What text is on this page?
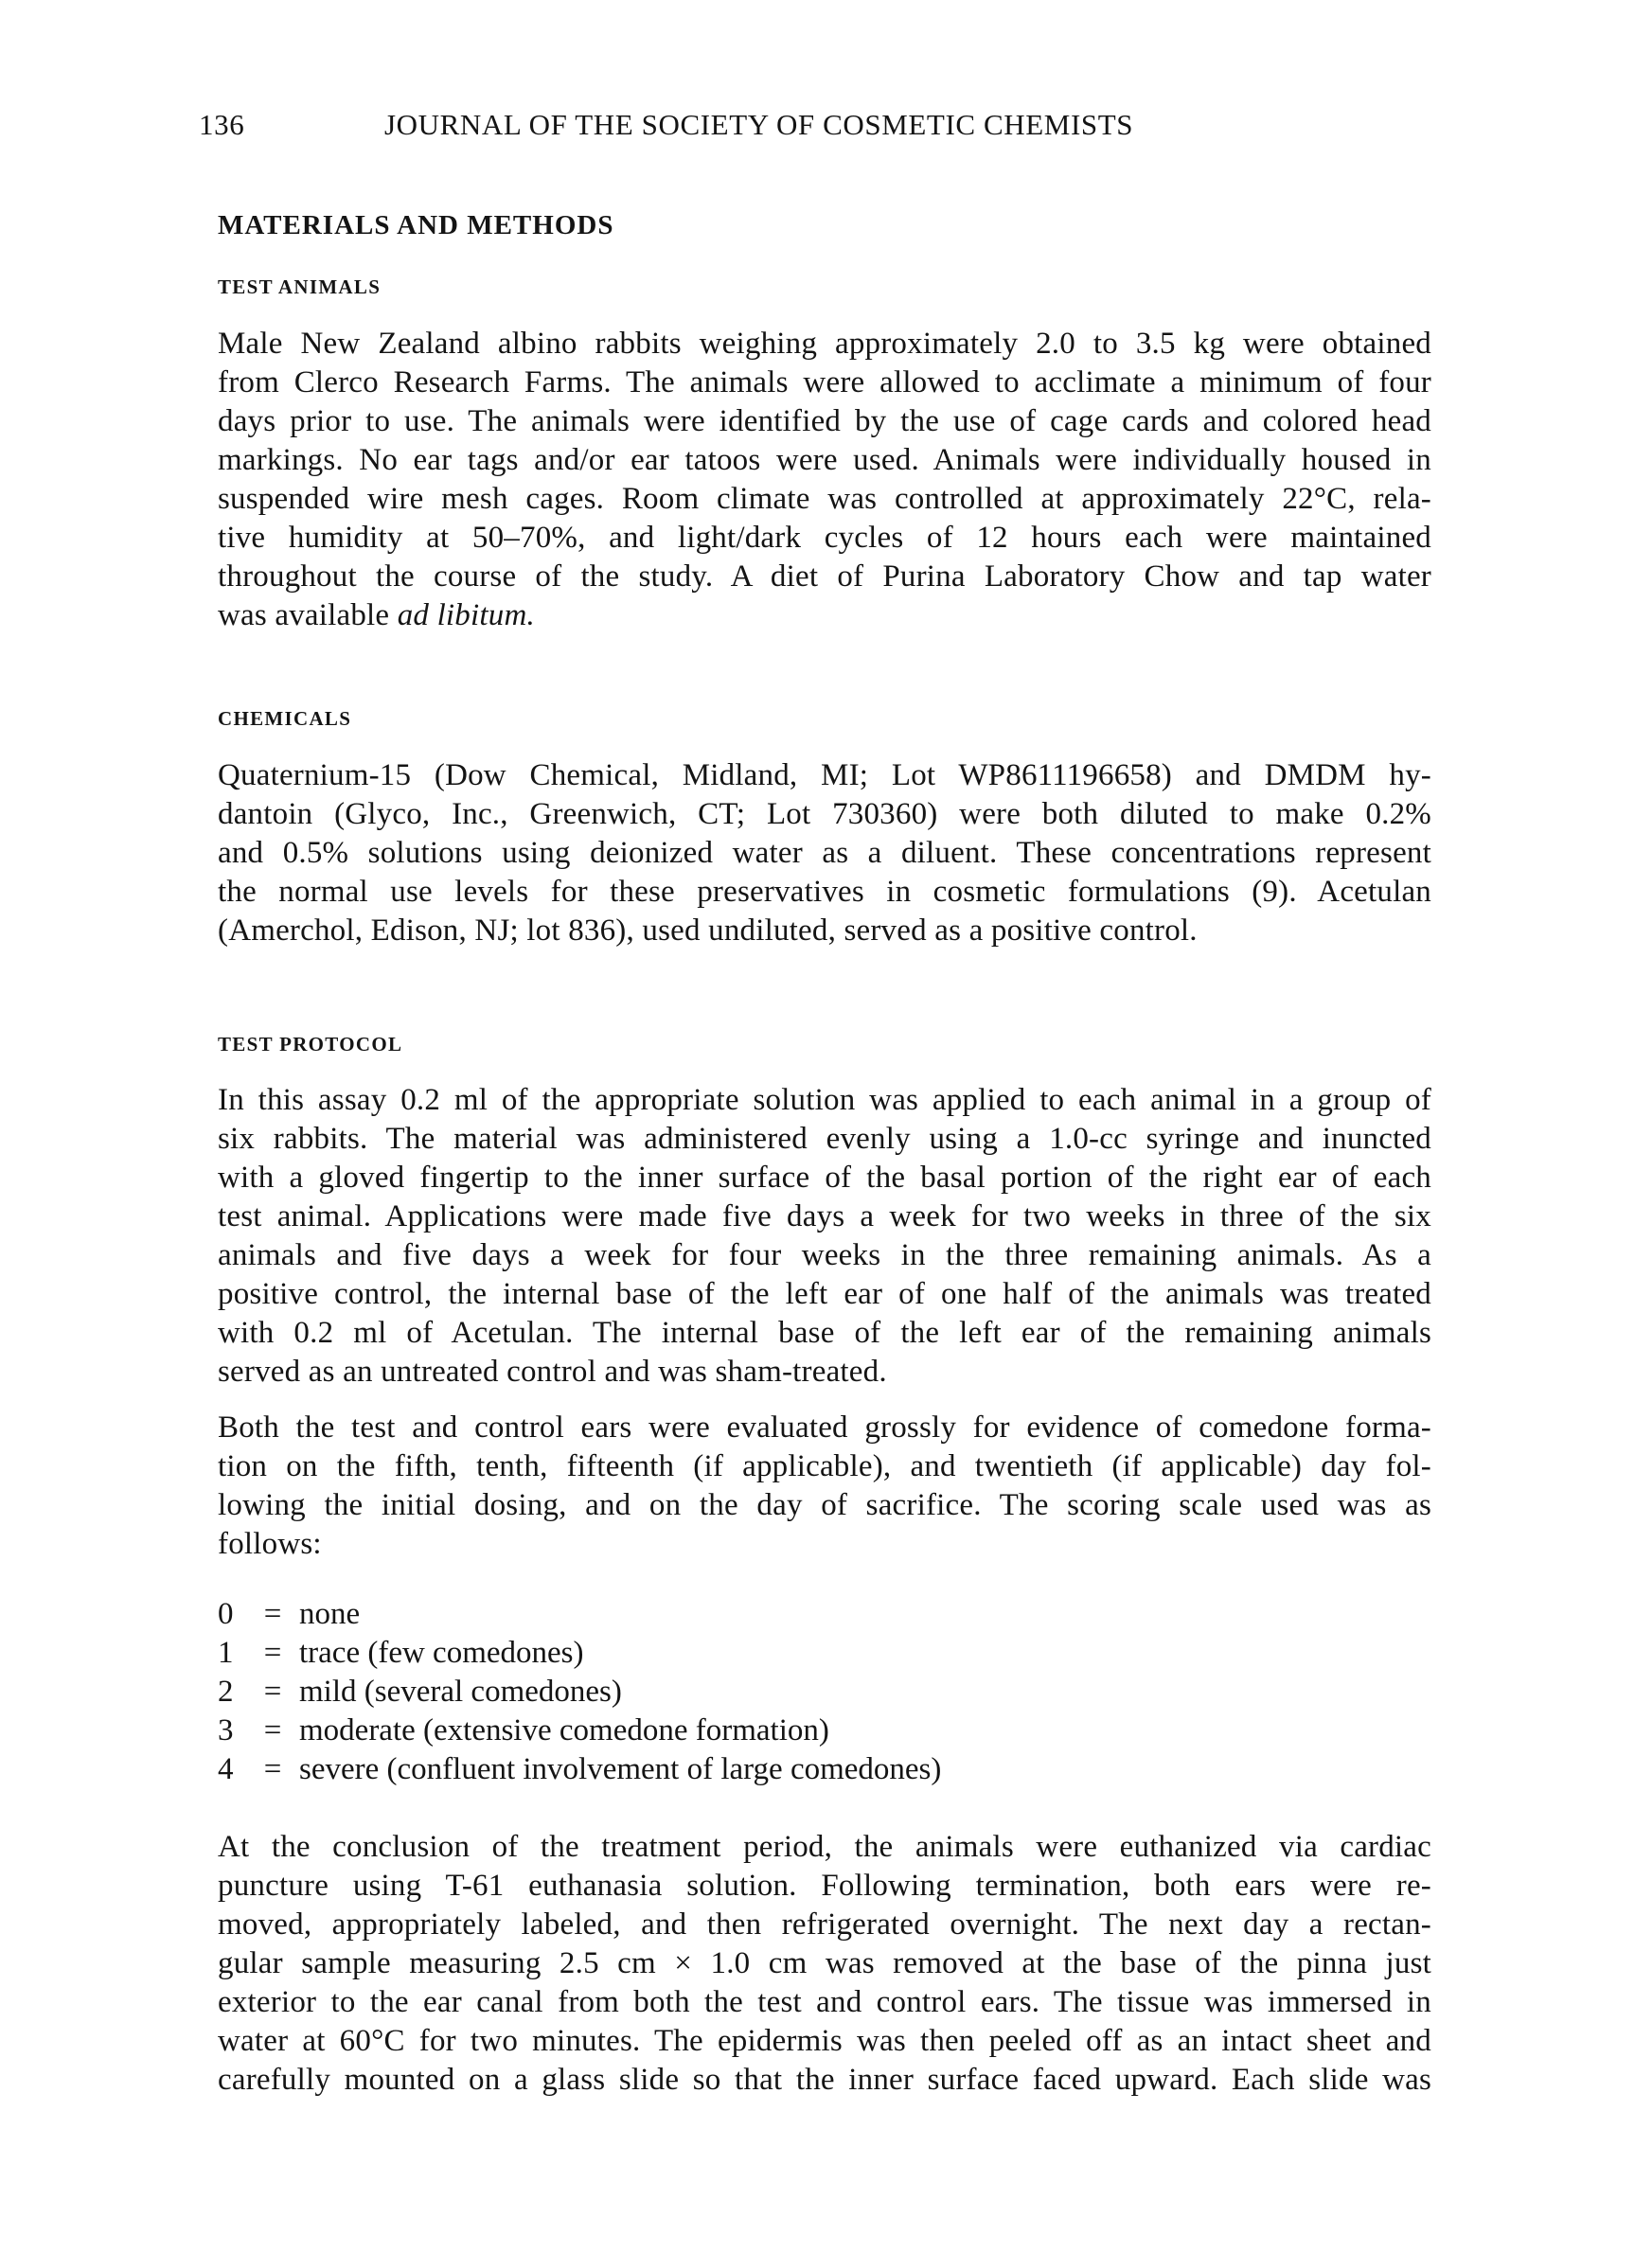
136	JOURNAL OF THE SOCIETY OF COSMETIC CHEMISTS
MATERIALS AND METHODS
TEST ANIMALS

Male New Zealand albino rabbits weighing approximately 2.0 to 3.5 kg were obtained
from Clerco Research Farms. The animals were allowed to acclimate a minimum of four
days prior to use. The animals were identified by the use of cage cards and colored head
markings. No ear tags and/or ear tatoos were used. Animals were individually housed in
suspended wire mesh cages. Room climate was controlled at approximately 22°C, rela-
tive humidity at 50–70%, and light/dark cycles of 12 hours each were maintained
throughout the course of the study. A diet of Purina Laboratory Chow and tap water
was available ad libitum.

CHEMICALS

Quaternium-15 (Dow Chemical, Midland, MI; Lot WP8611196658) and DMDM hy-
dantoin (Glyco, Inc., Greenwich, CT; Lot 730360) were both diluted to make 0.2%
and 0.5% solutions using deionized water as a diluent. These concentrations represent
the normal use levels for these preservatives in cosmetic formulations (9). Acetulan
(Amerchol, Edison, NJ; lot 836), used undiluted, served as a positive control.

TEST PROTOCOL

In this assay 0.2 ml of the appropriate solution was applied to each animal in a group of
six rabbits. The material was administered evenly using a 1.0-cc syringe and inuncted
with a gloved fingertip to the inner surface of the basal portion of the right ear of each
test animal. Applications were made five days a week for two weeks in three of the six
animals and five days a week for four weeks in the three remaining animals. As a
positive control, the internal base of the left ear of one half of the animals was treated
with 0.2 ml of Acetulan. The internal base of the left ear of the remaining animals
served as an untreated control and was sham-treated.

Both the test and control ears were evaluated grossly for evidence of comedone forma-
tion on the fifth, tenth, fifteenth (if applicable), and twentieth (if applicable) day fol-
lowing the initial dosing, and on the day of sacrifice. The scoring scale used was as
follows:

0 = none
1 = trace (few comedones)
2 = mild (several comedones)
3 = moderate (extensive comedone formation)
4 = severe (confluent involvement of large comedones)

At the conclusion of the treatment period, the animals were euthanized via cardiac
puncture using T-61 euthanasia solution. Following termination, both ears were re-
moved, appropriately labeled, and then refrigerated overnight. The next day a rectan-
gular sample measuring 2.5 cm × 1.0 cm was removed at the base of the pinna just
exterior to the ear canal from both the test and control ears. The tissue was immersed in
water at 60°C for two minutes. The epidermis was then peeled off as an intact sheet and
carefully mounted on a glass slide so that the inner surface faced upward. Each slide was
